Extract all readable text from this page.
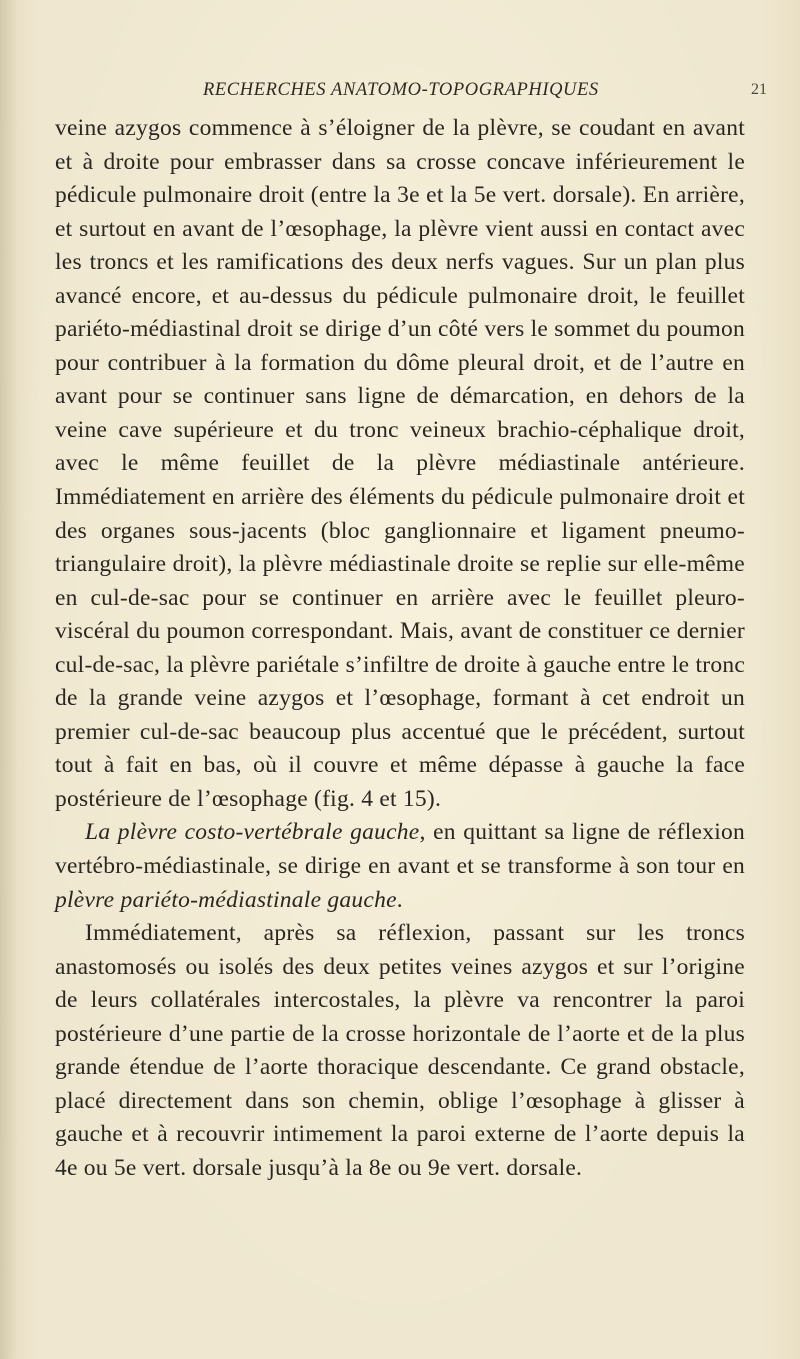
RECHERCHES ANATOMO-TOPOGRAPHIQUES	21

veine azygos commence à s’éloigner de la plèvre, se coudant en avant et à droite pour embrasser dans sa crosse concave inférieurement le pédicule pulmonaire droit (entre la 3e et la 5e vert. dorsale). En arrière, et surtout en avant de l’œsophage, la plèvre vient aussi en contact avec les troncs et les ramifications des deux nerfs vagues. Sur un plan plus avancé encore, et au-dessus du pédicule pulmonaire droit, le feuillet pariéto-médiastinal droit se dirige d’un côté vers le sommet du poumon pour contribuer à la formation du dôme pleural droit, et de l’autre en avant pour se continuer sans ligne de démarcation, en dehors de la veine cave supérieure et du tronc veineux brachio-céphalique droit, avec le même feuillet de la plèvre médiastinale antérieure. Immédiatement en arrière des éléments du pédicule pulmonaire droit et des organes sous-jacents (bloc ganglionnaire et ligament pneumo-triangulaire droit), la plèvre médiastinale droite se replie sur elle-même en cul-de-sac pour se continuer en arrière avec le feuillet pleuro-viscéral du poumon correspondant. Mais, avant de constituer ce dernier cul-de-sac, la plèvre pariétale s’infiltre de droite à gauche entre le tronc de la grande veine azygos et l’œsophage, formant à cet endroit un premier cul-de-sac beaucoup plus accentué que le précédent, surtout tout à fait en bas, où il couvre et même dépasse à gauche la face postérieure de l’œsophage (fig. 4 et 15).

La plèvre costo-vertébrale gauche, en quittant sa ligne de réflexion vertébro-médiastinale, se dirige en avant et se transforme à son tour en plèvre pariéto-médiastinale gauche.

Immédiatement, après sa réflexion, passant sur les troncs anastomosés ou isolés des deux petites veines azygos et sur l’origine de leurs collatérales intercostales, la plèvre va rencontrer la paroi postérieure d’une partie de la crosse horizontale de l’aorte et de la plus grande étendue de l’aorte thoracique descendante. Ce grand obstacle, placé directement dans son chemin, oblige l’œsophage à glisser à gauche et à recouvrir intimement la paroi externe de l’aorte depuis la 4e ou 5e vert. dorsale jusqu’à la 8e ou 9e vert. dorsale.
